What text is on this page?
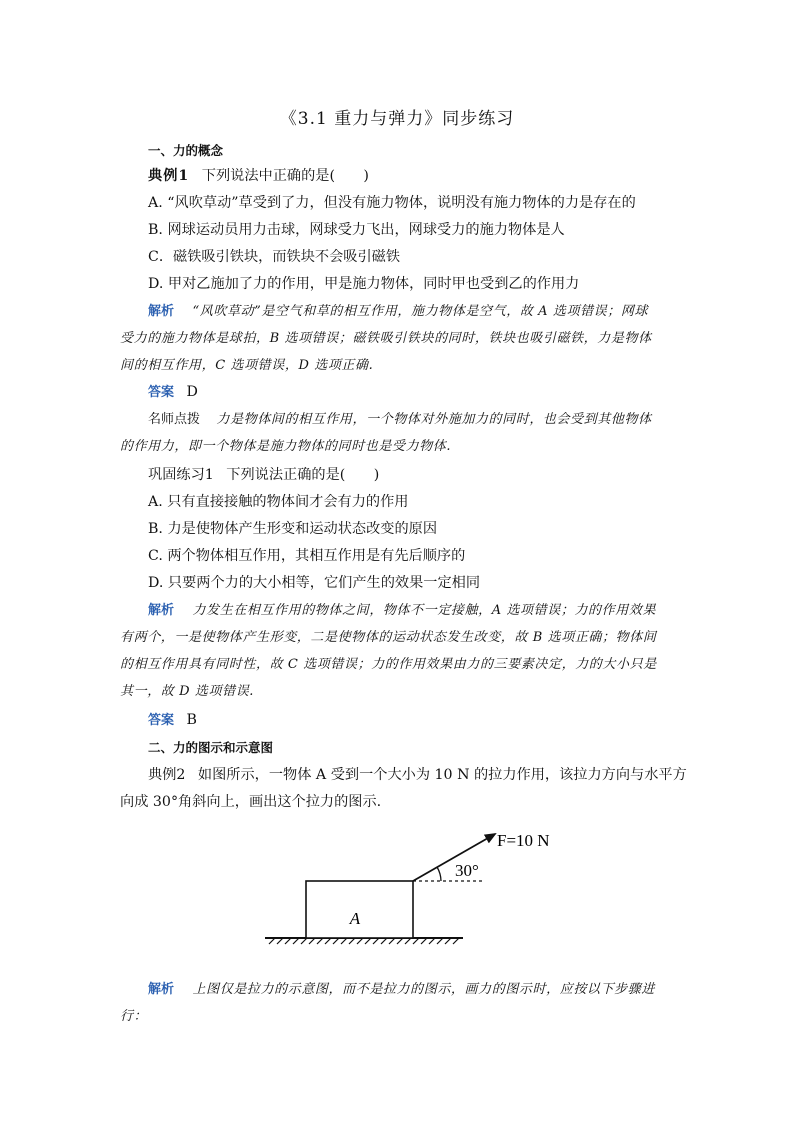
《3.1 重力与弹力》同步练习
一、力的概念
典例1 下列说法中正确的是(　　)
A. “风吹草动”草受到了力，但没有施力物体，说明没有施力物体的力是存在的
B. 网球运动员用力击球，网球受力飞出，网球受力的施力物体是人
C．磁铁吸引铁块，而铁块不会吸引磁铁
D. 甲对乙施加了力的作用，甲是施力物体，同时甲也受到乙的作用力
解析 “风吹草动”是空气和草的相互作用，施力物体是空气，故 A 选项错误；网球
受力的施力物体是球拍，B 选项错误；磁铁吸引铁块的同时，铁块也吸引磁铁，力是物体
间的相互作用，C 选项错误，D 选项正确.
答案 D
名师点拨 力是物体间的相互作用，一个物体对外施加力的同时，也会受到其他物体
的作用力，即一个物体是施力物体的同时也是受力物体.
巩固练习1 下列说法正确的是(　　)
A. 只有直接接触的物体间才会有力的作用
B. 力是使物体产生形变和运动状态改变的原因
C. 两个物体相互作用，其相互作用是有先后顺序的
D. 只要两个力的大小相等，它们产生的效果一定相同
解析 力发生在相互作用的物体之间，物体不一定接触，A 选项错误；力的作用效果
有两个，一是使物体产生形变，二是使物体的运动状态发生改变，故 B 选项正确；物体间
的相互作用具有同时性，故 C 选项错误；力的作用效果由力的三要素决定，力的大小只是
其一，故 D 选项错误.
答案 B
二、力的图示和示意图
典例2 如图所示，一物体 A 受到一个大小为 10 N 的拉力作用，该拉力方向与水平方
向成 30°角斜向上，画出这个拉力的图示.
A
30°
F=10 N
解析 上图仅是拉力的示意图，而不是拉力的图示，画力的图示时，应按以下步骤进
行：
